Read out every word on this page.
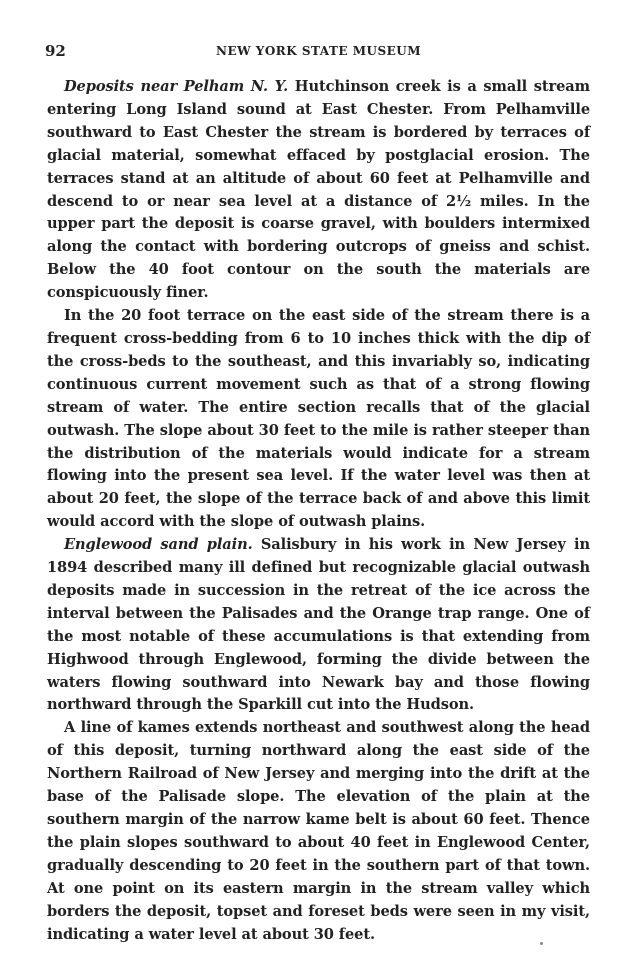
92	NEW YORK STATE MUSEUM

Deposits near Pelham N. Y. Hutchinson creek is a small stream entering Long Island sound at East Chester. From Pelhamville southward to East Chester the stream is bordered by terraces of glacial material, somewhat effaced by postglacial erosion. The terraces stand at an altitude of about 60 feet at Pelhamville and descend to or near sea level at a distance of 2½ miles. In the upper part the deposit is coarse gravel, with boulders intermixed along the contact with bordering outcrops of gneiss and schist. Below the 40 foot contour on the south the materials are conspicuously finer.

In the 20 foot terrace on the east side of the stream there is a frequent cross-bedding from 6 to 10 inches thick with the dip of the cross-beds to the southeast, and this invariably so, indicating continuous current movement such as that of a strong flowing stream of water. The entire section recalls that of the glacial outwash. The slope about 30 feet to the mile is rather steeper than the distribution of the materials would indicate for a stream flowing into the present sea level. If the water level was then at about 20 feet, the slope of the terrace back of and above this limit would accord with the slope of outwash plains.

Englewood sand plain. Salisbury in his work in New Jersey in 1894 described many ill defined but recognizable glacial outwash deposits made in succession in the retreat of the ice across the interval between the Palisades and the Orange trap range. One of the most notable of these accumulations is that extending from Highwood through Englewood, forming the divide between the waters flowing southward into Newark bay and those flowing northward through the Sparkill cut into the Hudson.

A line of kames extends northeast and southwest along the head of this deposit, turning northward along the east side of the Northern Railroad of New Jersey and merging into the drift at the base of the Palisade slope. The elevation of the plain at the southern margin of the narrow kame belt is about 60 feet. Thence the plain slopes southward to about 40 feet in Englewood Center, gradually descending to 20 feet in the southern part of that town. At one point on its eastern margin in the stream valley which borders the deposit, topset and foreset beds were seen in my visit, indicating a water level at about 30 feet.
